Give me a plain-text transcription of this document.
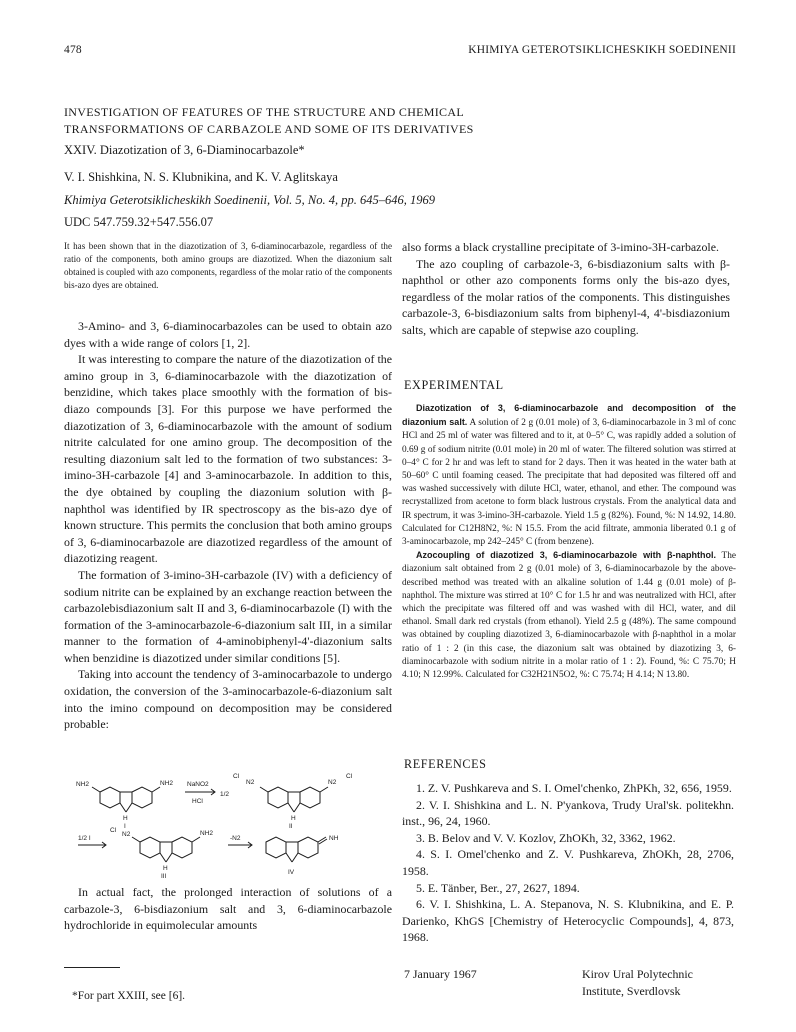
478	KHIMIYA GETEROTSIKLICHESKIKH SOEDINENII
INVESTIGATION OF FEATURES OF THE STRUCTURE AND CHEMICAL
TRANSFORMATIONS OF CARBAZOLE AND SOME OF ITS DERIVATIVES
XXIV. Diazotization of 3, 6-Diaminocarbazole*
V. I. Shishkina, N. S. Klubnikina, and K. V. Aglitskaya
Khimiya Geterotsiklicheskikh Soedinenii, Vol. 5, No. 4, pp. 645–646, 1969
UDC 547.759.32+547.556.07
It has been shown that in the diazotization of 3, 6-diaminocarbazole, regardless of the ratio of the components, both amino groups are diazotized. When the diazonium salt obtained is coupled with azo components, regardless of the molar ratio of the components bis-azo dyes are obtained.

3-Amino- and 3, 6-diaminocarbazoles can be used to obtain azo dyes with a wide range of colors [1, 2].

It was interesting to compare the nature of the diazotization of the amino group in 3, 6-diaminocarbazole with the diazotization of benzidine, which takes place smoothly with the formation of bis-diazo compounds [3]. For this purpose we have performed the diazotization of 3, 6-diaminocarbazole with the amount of sodium nitrite calculated for one amino group. The decomposition of the resulting diazonium salt led to the formation of two substances: 3-imino-3H-carbazole [4] and 3-aminocarbazole. In addition to this, the dye obtained by coupling the diazonium solution with β-naphthol was identified by IR spectroscopy as the bis-azo dye of known structure. This permits the conclusion that both amino groups of 3, 6-diaminocarbazole are diazotized regardless of the amount of diazotizing reagent.

The formation of 3-imino-3H-carbazole (IV) with a deficiency of sodium nitrite can be explained by an exchange reaction between the carbazolebisdiazonium salt II and 3, 6-diaminocarbazole (I) with the formation of the 3-aminocarbazole-6-diazonium salt III, in a similar manner to the formation of 4-aminobiphenyl-4'-diazonium salts when benzidine is diazotized under similar conditions [5].

Taking into account the tendency of 3-aminocarbazole to undergo oxidation, the conversion of the 3-aminocarbazole-6-diazonium salt into the imino compound on decomposition may be considered probable:

NH2	NH2
H
I
NaNO2
HCl
1/2
Cl
N2	N2
Cl
H
II
1/2 I
Cl
N2	NH2
H
III
-N2	NH
IV

In actual fact, the prolonged interaction of solutions of a carbazole-3, 6-bisdiazonium salt and 3, 6-diaminocarbazole hydrochloride in equimolecular amounts

also forms a black crystalline precipitate of 3-imino-3H-carbazole.

The azo coupling of carbazole-3, 6-bisdiazonium salts with β-naphthol or other azo components forms only the bis-azo dyes, regardless of the molar ratios of the components. This distinguishes carbazole-3, 6-bisdiazonium salts from biphenyl-4, 4'-bisdiazonium salts, which are capable of stepwise azo coupling.

EXPERIMENTAL

Diazotization of 3, 6-diaminocarbazole and decomposition of the diazonium salt. A solution of 2 g (0.01 mole) of 3, 6-diaminocarbazole in 3 ml of conc HCl and 25 ml of water was filtered and to it, at 0–5° C, was rapidly added a solution of 0.69 g of sodium nitrite (0.01 mole) in 20 ml of water. The filtered solution was stirred at 0–4° C for 2 hr and was left to stand for 2 days. Then it was heated in the water bath at 50–60° C until foaming ceased. The precipitate that had deposited was filtered off and was washed successively with dilute HCl, water, ethanol, and ether. The compound was recrystallized from acetone to form black lustrous crystals. From the analytical data and IR spectrum, it was 3-imino-3H-carbazole. Yield 1.5 g (82%). Found, %: N 14.92, 14.80. Calculated for C12H8N2, %: N 15.5. From the acid filtrate, ammonia liberated 0.1 g of 3-aminocarbazole, mp 242–245° C (from benzene).

Azocoupling of diazotized 3, 6-diaminocarbazole with β-naphthol. The diazonium salt obtained from 2 g (0.01 mole) of 3, 6-diaminocarbazole by the above-described method was treated with an alkaline solution of 1.44 g (0.01 mole) of β-naphthol. The mixture was stirred at 10° C for 1.5 hr and was neutralized with HCl, after which the precipitate was filtered off and was washed with dil HCl, water, and dil ethanol. Small dark red crystals (from ethanol). Yield 2.5 g (48%). The same compound was obtained by coupling diazotized 3, 6-diaminocarbazole with β-naphthol in a molar ratio of 1 : 2 (in this case, the diazonium salt was obtained by diazotizing 3, 6-diaminocarbazole with sodium nitrite in a molar ratio of 1 : 2). Found, %: C 75.70; H 4.10; N 12.99%. Calculated for C32H21N5O2, %: C 75.74; H 4.14; N 13.80.

REFERENCES

1. Z. V. Pushkareva and S. I. Omel'chenko, ZhPKh, 32, 656, 1959.

2. V. I. Shishkina and L. N. P'yankova, Trudy Ural'sk. politekhn. inst., 96, 24, 1960.

3. B. Belov and V. V. Kozlov, ZhOKh, 32, 3362, 1962.

4. S. I. Omel'chenko and Z. V. Pushkareva, ZhOKh, 28, 2706, 1958.

5. E. Tänber, Ber., 27, 2627, 1894.

6. V. I. Shishkina, L. A. Stepanova, N. S. Klubnikina, and E. P. Darienko, KhGS [Chemistry of Heterocyclic Compounds], 4, 873, 1968.

7 January 1967	Kirov Ural Polytechnic
Institute, Sverdlovsk
*For part XXIII, see [6].
